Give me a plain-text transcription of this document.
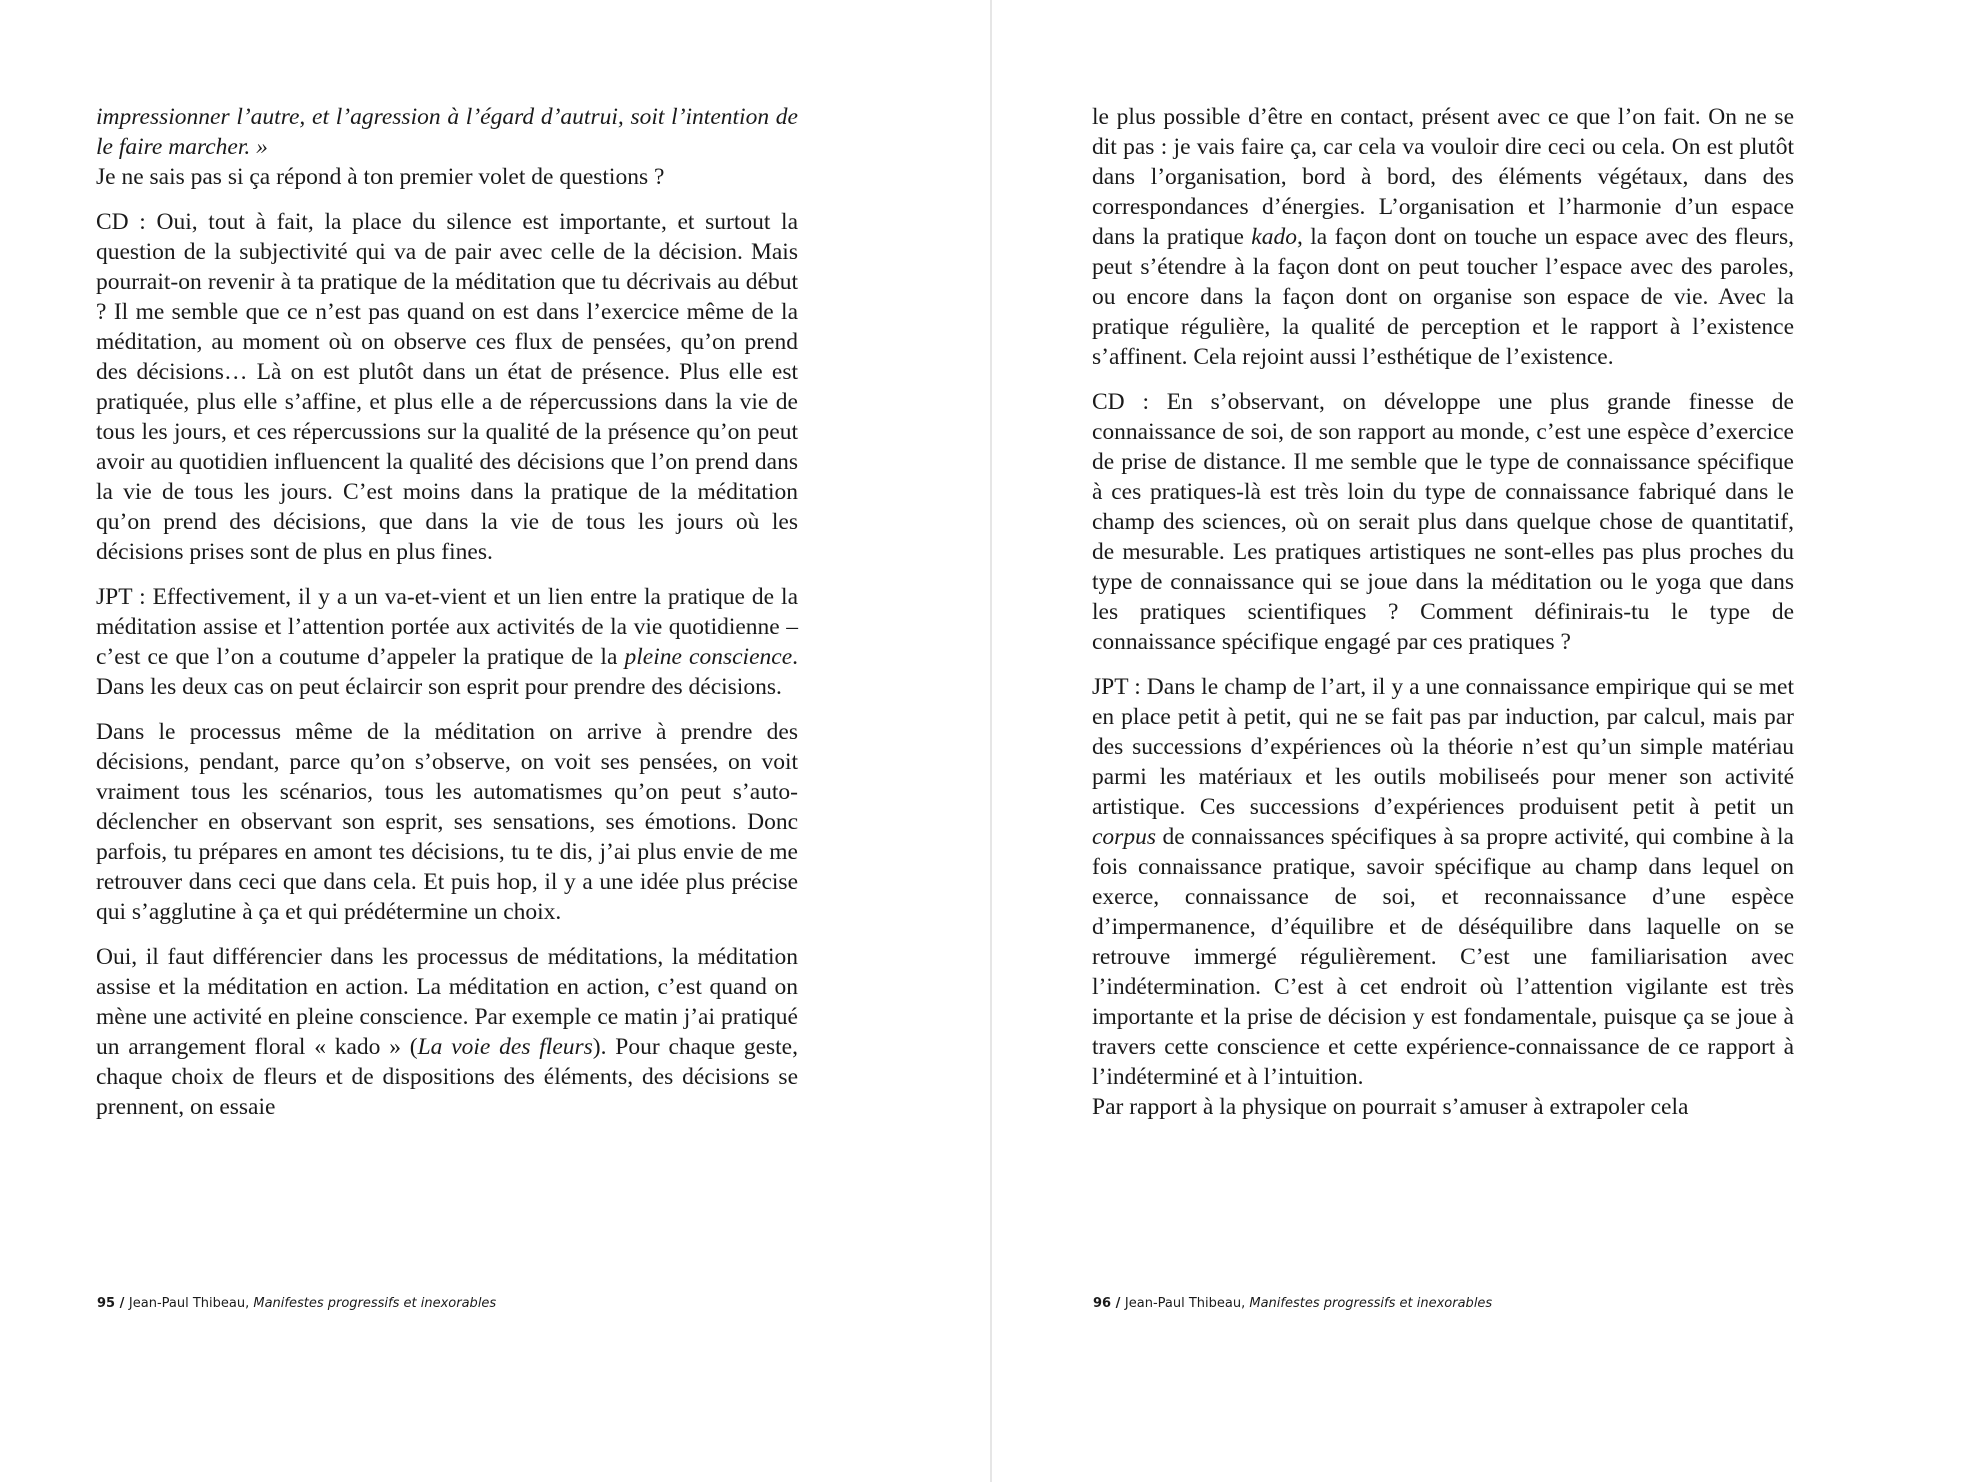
impressionner l’autre, et l’agression à l’égard d’autrui, soit l’intention de le faire marcher. »

Je ne sais pas si ça répond à ton premier volet de questions ?

CD : Oui, tout à fait, la place du silence est importante, et surtout la question de la subjectivité qui va de pair avec celle de la décision. Mais pourrait-on revenir à ta pratique de la méditation que tu décrivais au début ? Il me semble que ce n’est pas quand on est dans l’exercice même de la méditation, au moment où on observe ces flux de pensées, qu’on prend des décisions… Là on est plutôt dans un état de présence. Plus elle est pratiquée, plus elle s’affine, et plus elle a de répercussions dans la vie de tous les jours, et ces répercussions sur la qualité de la présence qu’on peut avoir au quotidien influencent la qualité des décisions que l’on prend dans la vie de tous les jours. C’est moins dans la pratique de la méditation qu’on prend des décisions, que dans la vie de tous les jours où les décisions prises sont de plus en plus fines.

JPT : Effectivement, il y a un va-et-vient et un lien entre la pratique de la méditation assise et l’attention portée aux activités de la vie quotidienne – c’est ce que l’on a coutume d’appeler la pratique de la pleine conscience. Dans les deux cas on peut éclaircir son esprit pour prendre des décisions.

Dans le processus même de la méditation on arrive à prendre des décisions, pendant, parce qu’on s’observe, on voit ses pensées, on voit vraiment tous les scénarios, tous les automatismes qu’on peut s’auto-déclencher en observant son esprit, ses sensations, ses émotions. Donc parfois, tu prépares en amont tes décisions, tu te dis, j’ai plus envie de me retrouver dans ceci que dans cela. Et puis hop, il y a une idée plus précise qui s’agglutine à ça et qui prédétermine un choix.

Oui, il faut différencier dans les processus de méditations, la méditation assise et la méditation en action. La méditation en action, c’est quand on mène une activité en pleine conscience. Par exemple ce matin j’ai pratiqué un arrangement floral « kado » (La voie des fleurs). Pour chaque geste, chaque choix de fleurs et de dispositions des éléments, des décisions se prennent, on essaie

95 / Jean-Paul Thibeau, Manifestes progressifs et inexorables

le plus possible d’être en contact, présent avec ce que l’on fait. On ne se dit pas : je vais faire ça, car cela va vouloir dire ceci ou cela. On est plutôt dans l’organisation, bord à bord, des éléments végétaux, dans des correspondances d’énergies. L’organisation et l’harmonie d’un espace dans la pratique kado, la façon dont on touche un espace avec des fleurs, peut s’étendre à la façon dont on peut toucher l’espace avec des paroles, ou encore dans la façon dont on organise son espace de vie. Avec la pratique régulière, la qualité de perception et le rapport à l’existence s’affinent. Cela rejoint aussi l’esthétique de l’existence.

CD : En s’observant, on développe une plus grande finesse de connaissance de soi, de son rapport au monde, c’est une espèce d’exercice de prise de distance. Il me semble que le type de connaissance spécifique à ces pratiques-là est très loin du type de connaissance fabriqué dans le champ des sciences, où on serait plus dans quelque chose de quantitatif, de mesurable. Les pratiques artistiques ne sont-elles pas plus proches du type de connaissance qui se joue dans la méditation ou le yoga que dans les pratiques scientifiques ? Comment définirais-tu le type de connaissance spécifique engagé par ces pratiques ?

JPT : Dans le champ de l’art, il y a une connaissance empirique qui se met en place petit à petit, qui ne se fait pas par induction, par calcul, mais par des successions d’expériences où la théorie n’est qu’un simple matériau parmi les matériaux et les outils mobiliseés pour mener son activité artistique. Ces successions d’expériences produisent petit à petit un corpus de connaissances spécifiques à sa propre activité, qui combine à la fois connaissance pratique, savoir spécifique au champ dans lequel on exerce, connaissance de soi, et reconnaissance d’une espèce d’impermanence, d’équilibre et de déséquilibre dans laquelle on se retrouve immergé régulièrement. C’est une familiarisation avec l’indétermination. C’est à cet endroit où l’attention vigilante est très importante et la prise de décision y est fondamentale, puisque ça se joue à travers cette conscience et cette expérience-connaissance de ce rapport à l’indéterminé et à l’intuition.

Par rapport à la physique on pourrait s’amuser à extrapoler cela

96 / Jean-Paul Thibeau, Manifestes progressifs et inexorables
